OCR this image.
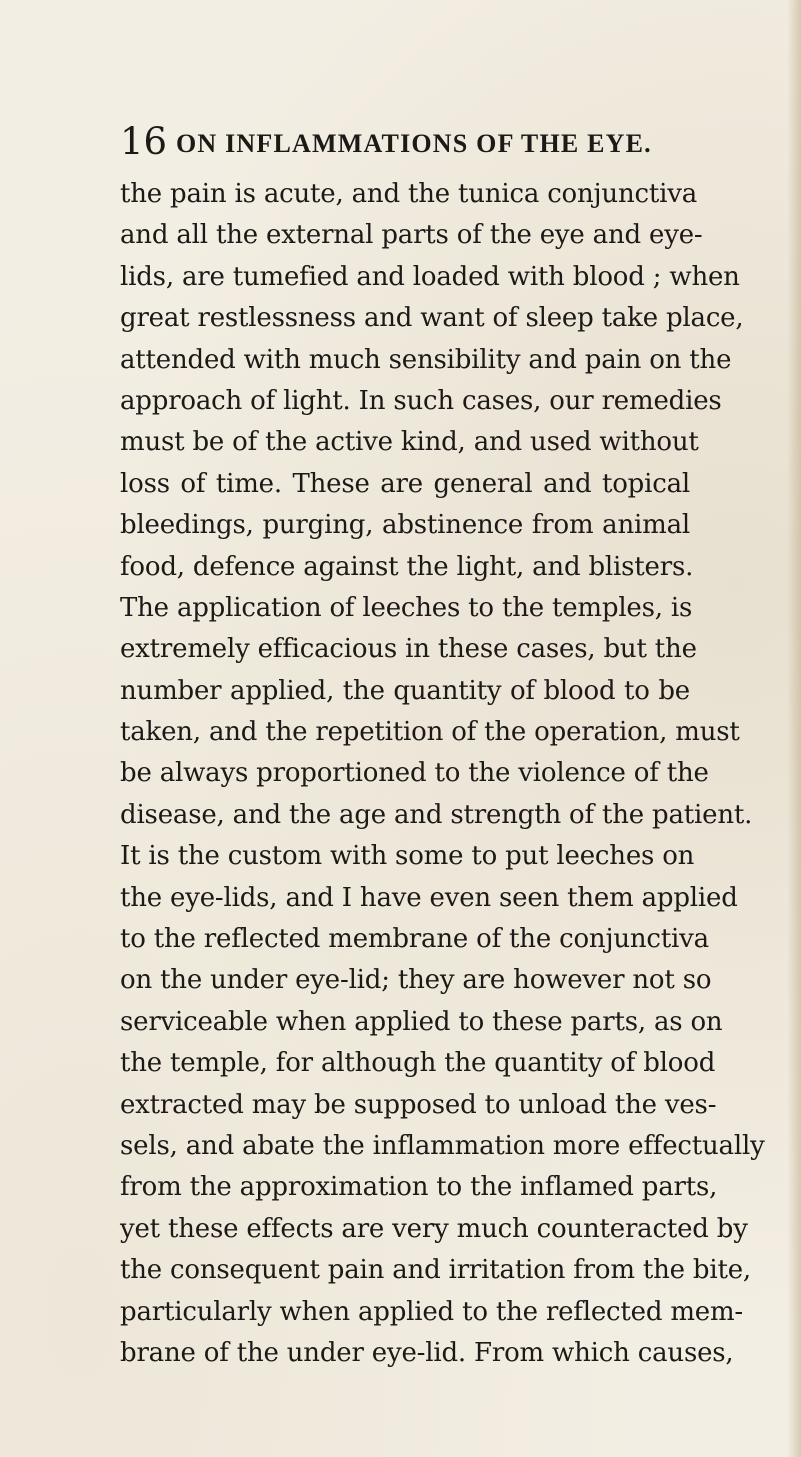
16 ON INFLAMMATIONS OF THE EYE.
the pain is acute, and the tunica conjunctiva
and all the external parts of the eye and eye-
lids, are tumefied and loaded with blood ; when
great restlessness and want of sleep take place,
attended with much sensibility and pain on the
approach of light. In such cases, our remedies
must be of the active kind, and used without
loss of time. These are general and topical
bleedings, purging, abstinence from animal
food, defence against the light, and blisters.
The application of leeches to the temples, is
extremely efficacious in these cases, but the
number applied, the quantity of blood to be
taken, and the repetition of the operation, must
be always proportioned to the violence of the
disease, and the age and strength of the patient.
It is the custom with some to put leeches on
the eye-lids, and I have even seen them applied
to the reflected membrane of the conjunctiva
on the under eye-lid; they are however not so
serviceable when applied to these parts, as on
the temple, for although the quantity of blood
extracted may be supposed to unload the ves-
sels, and abate the inflammation more effectually
from the approximation to the inflamed parts,
yet these effects are very much counteracted by
the consequent pain and irritation from the bite,
particularly when applied to the reflected mem-
brane of the under eye-lid. From which causes,
